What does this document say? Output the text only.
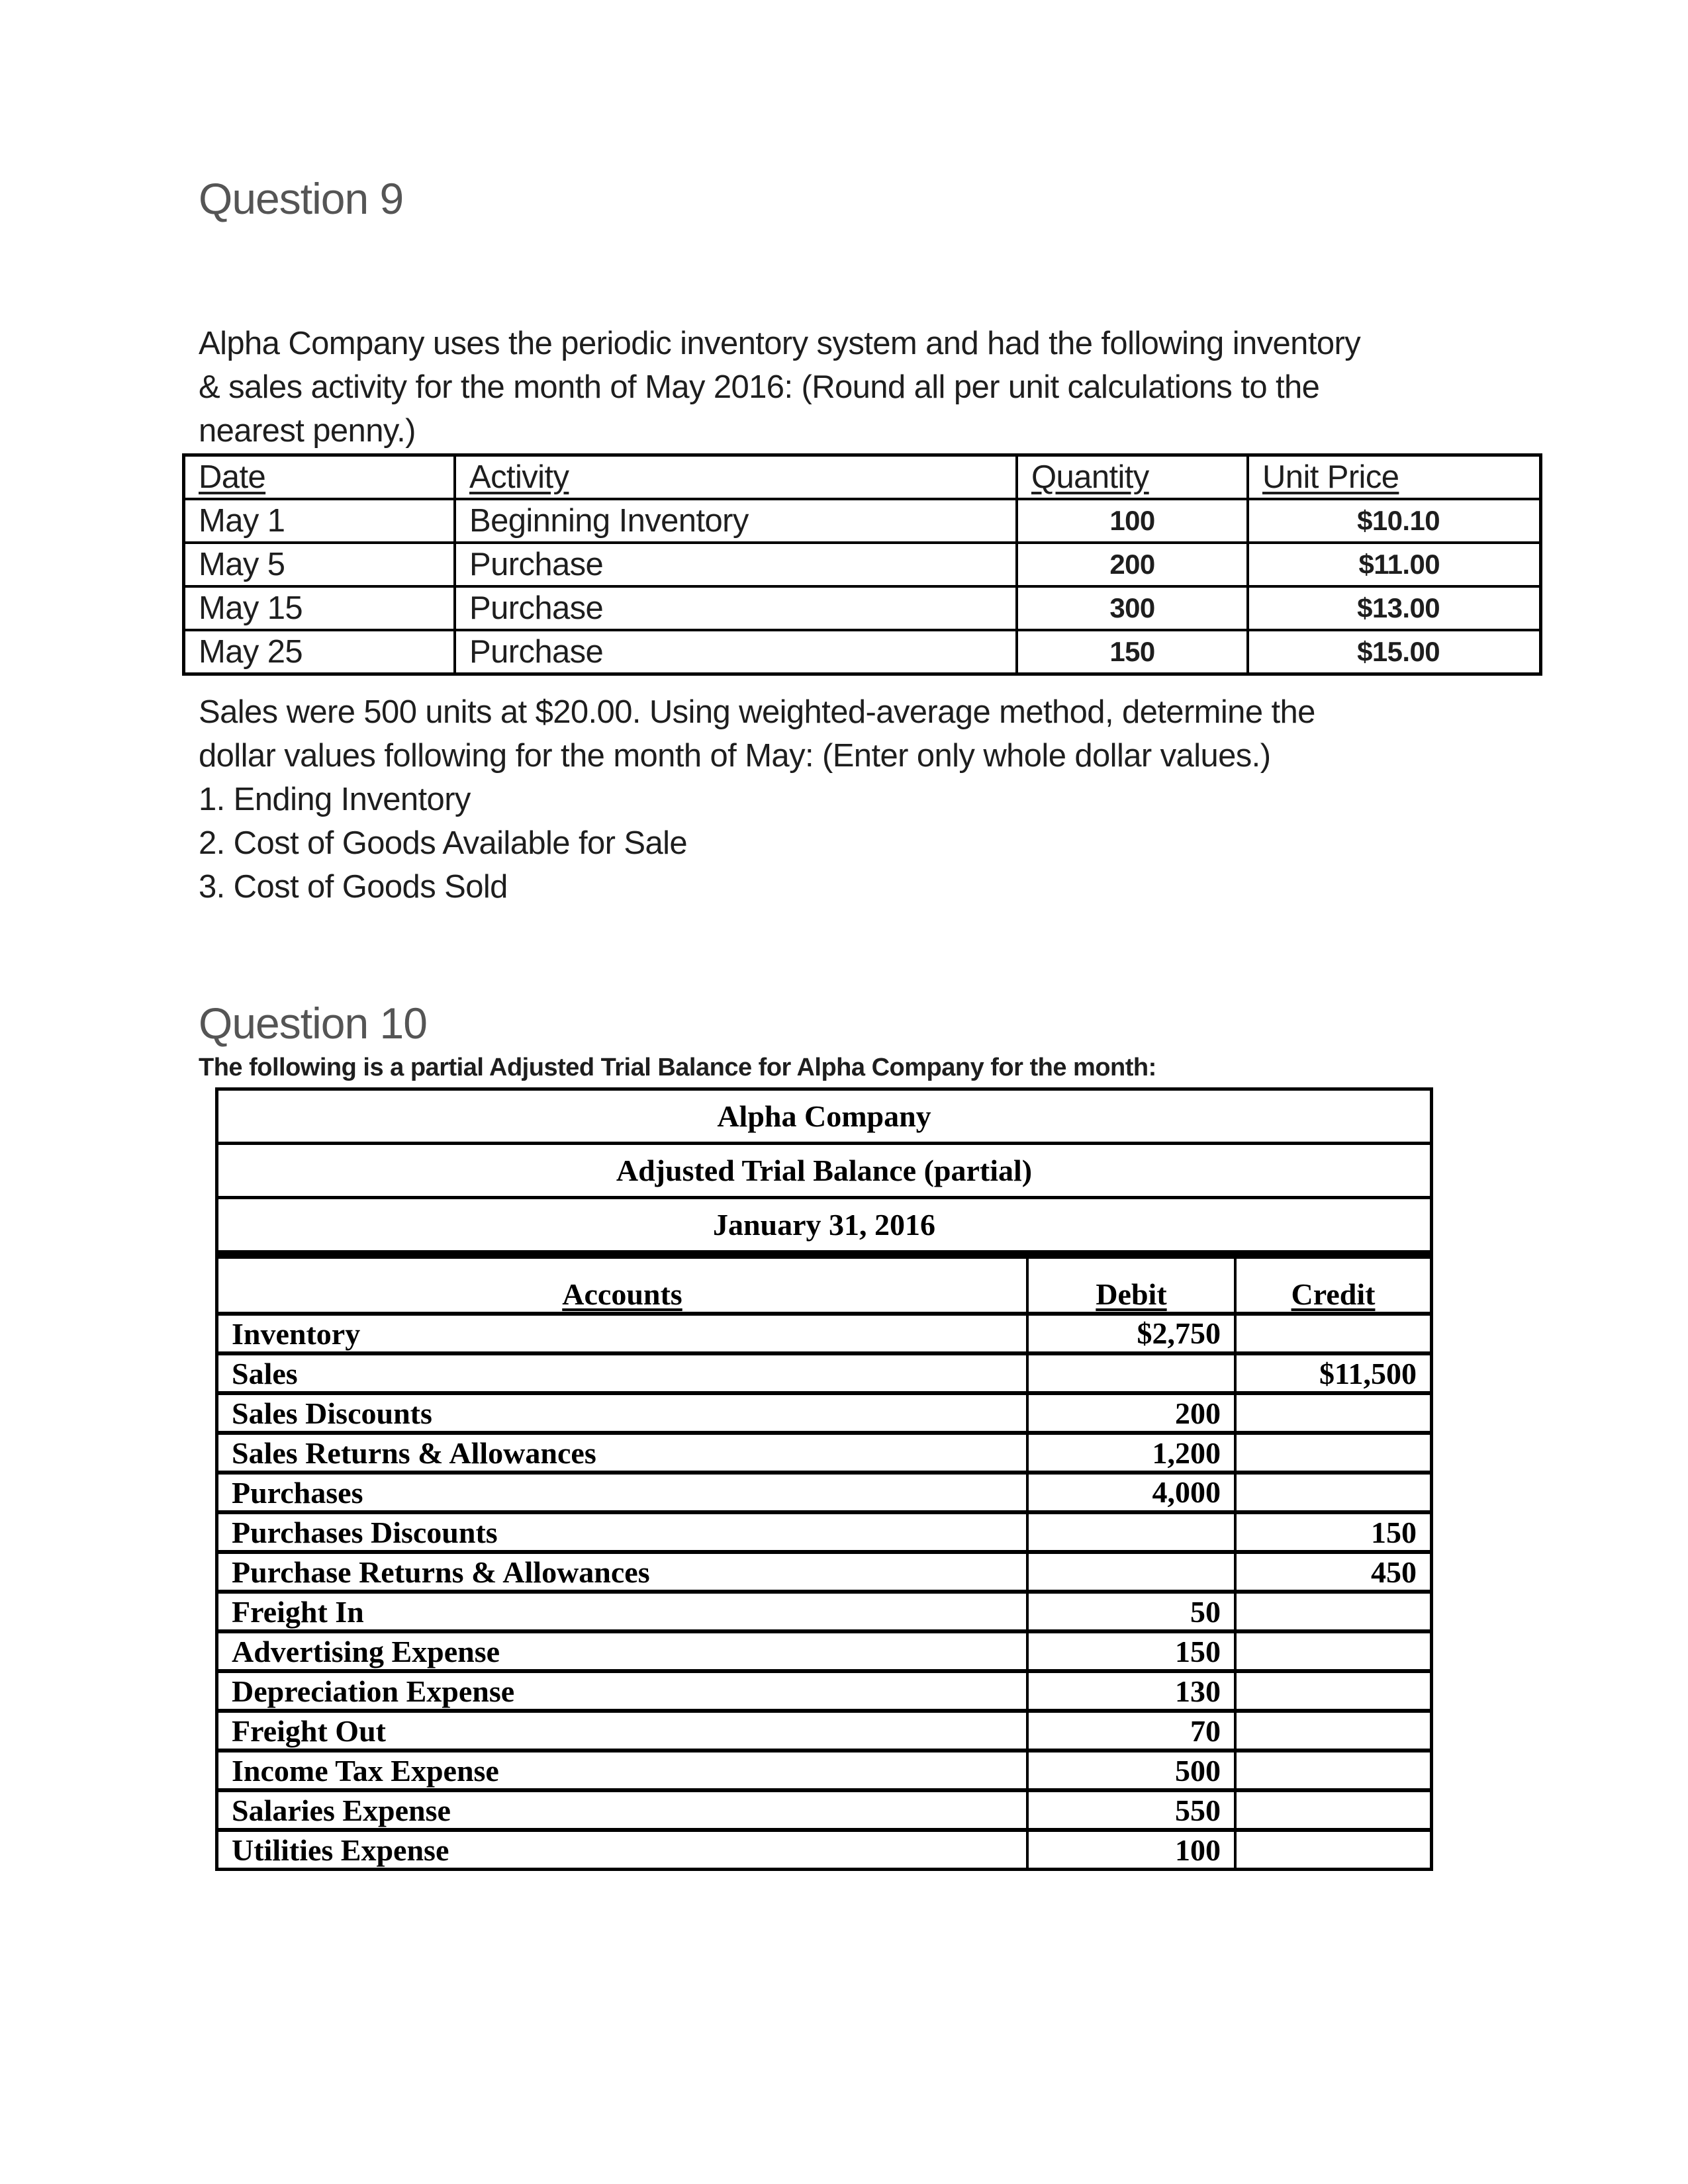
Question 9
Alpha Company uses the periodic inventory system and had the following inventory
& sales activity for the month of May 2016: (Round all per unit calculations to the
nearest penny.)
Date	Activity	Quantity	Unit Price
May 1	Beginning Inventory	100	$10.10
May 5	Purchase	200	$11.00
May 15	Purchase	300	$13.00
May 25	Purchase	150	$15.00
Sales were 500 units at $20.00. Using weighted-average method, determine the
dollar values following for the month of May: (Enter only whole dollar values.)
1. Ending Inventory
2. Cost of Goods Available for Sale
3. Cost of Goods Sold
Question 10
The following is a partial Adjusted Trial Balance for Alpha Company for the month:
Alpha Company
Adjusted Trial Balance (partial)
January 31, 2016
Accounts	Debit	Credit
Inventory	$2,750	
Sales		$11,500
Sales Discounts	200	
Sales Returns & Allowances	1,200	
Purchases	4,000	
Purchases Discounts		150
Purchase Returns & Allowances		450
Freight In	50	
Advertising Expense	150	
Depreciation Expense	130	
Freight Out	70	
Income Tax Expense	500	
Salaries Expense	550	
Utilities Expense	100	
